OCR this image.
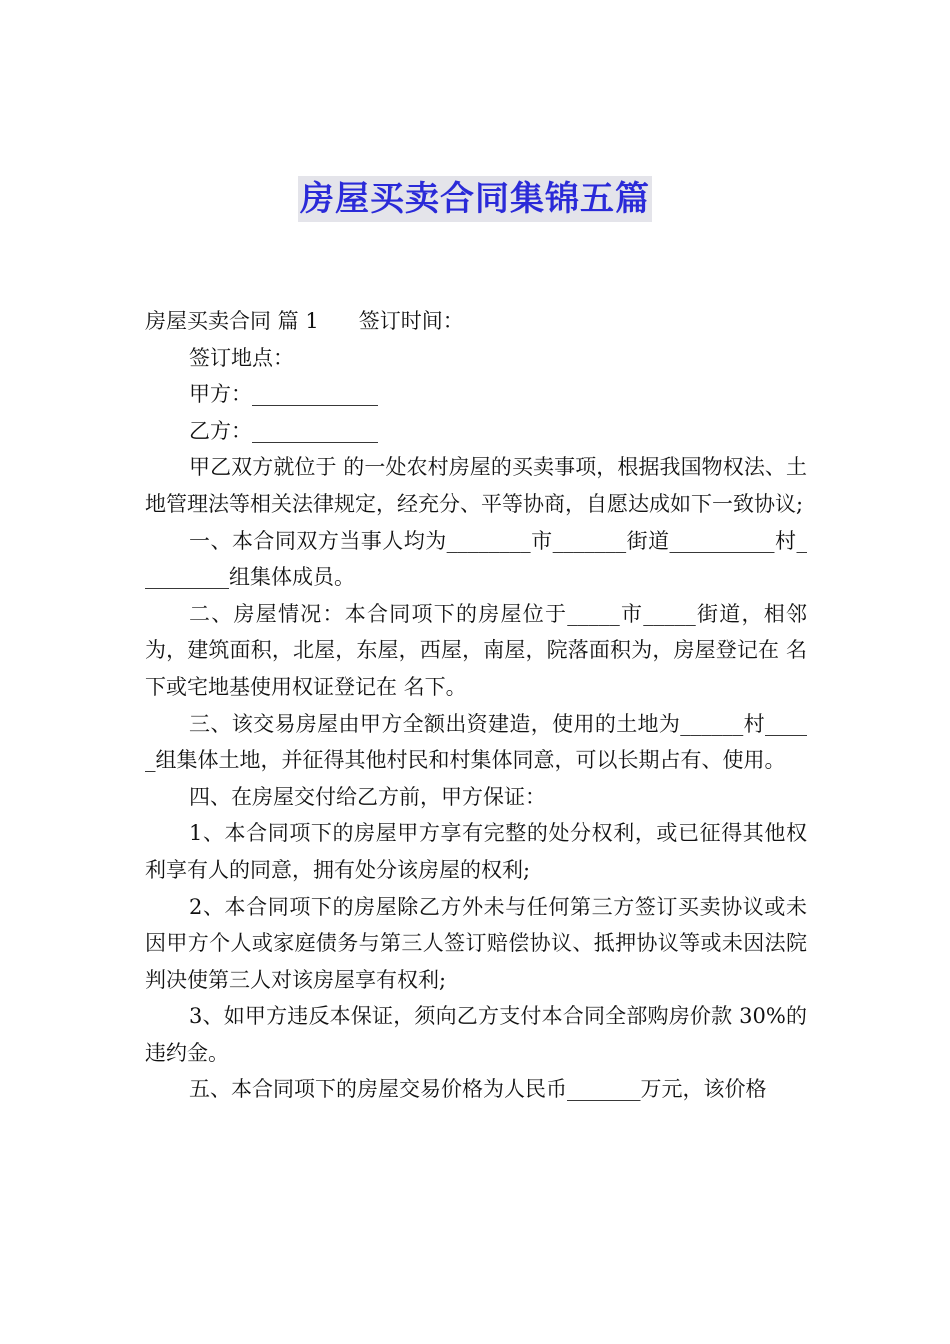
房屋买卖合同集锦五篇

房屋买卖合同 篇 1 签订时间：

签订地点：

甲方：____________

乙方：____________

甲乙双方就位于 的一处农村房屋的买卖事项，根据我国物权法、土地管理法等相关法律规定，经充分、平等协商，自愿达成如下一致协议;

一、本合同双方当事人均为________市_______街道__________村_________组集体成员。

二、房屋情况：本合同项下的房屋位于_____市_____街道，相邻为，建筑面积，北屋，东屋，西屋，南屋，院落面积为，房屋登记在 名下或宅地基使用权证登记在 名下。

三、该交易房屋由甲方全额出资建造，使用的土地为______村_____组集体土地，并征得其他村民和村集体同意，可以长期占有、使用。

四、在房屋交付给乙方前，甲方保证：

1、本合同项下的房屋甲方享有完整的处分权利，或已征得其他权利享有人的同意，拥有处分该房屋的权利;

2、本合同项下的房屋除乙方外未与任何第三方签订买卖协议或未因甲方个人或家庭债务与第三人签订赔偿协议、抵押协议等或未因法院判决使第三人对该房屋享有权利;

3、如甲方违反本保证，须向乙方支付本合同全部购房价款 30%的违约金。

五、本合同项下的房屋交易价格为人民币_______万元，该价格
